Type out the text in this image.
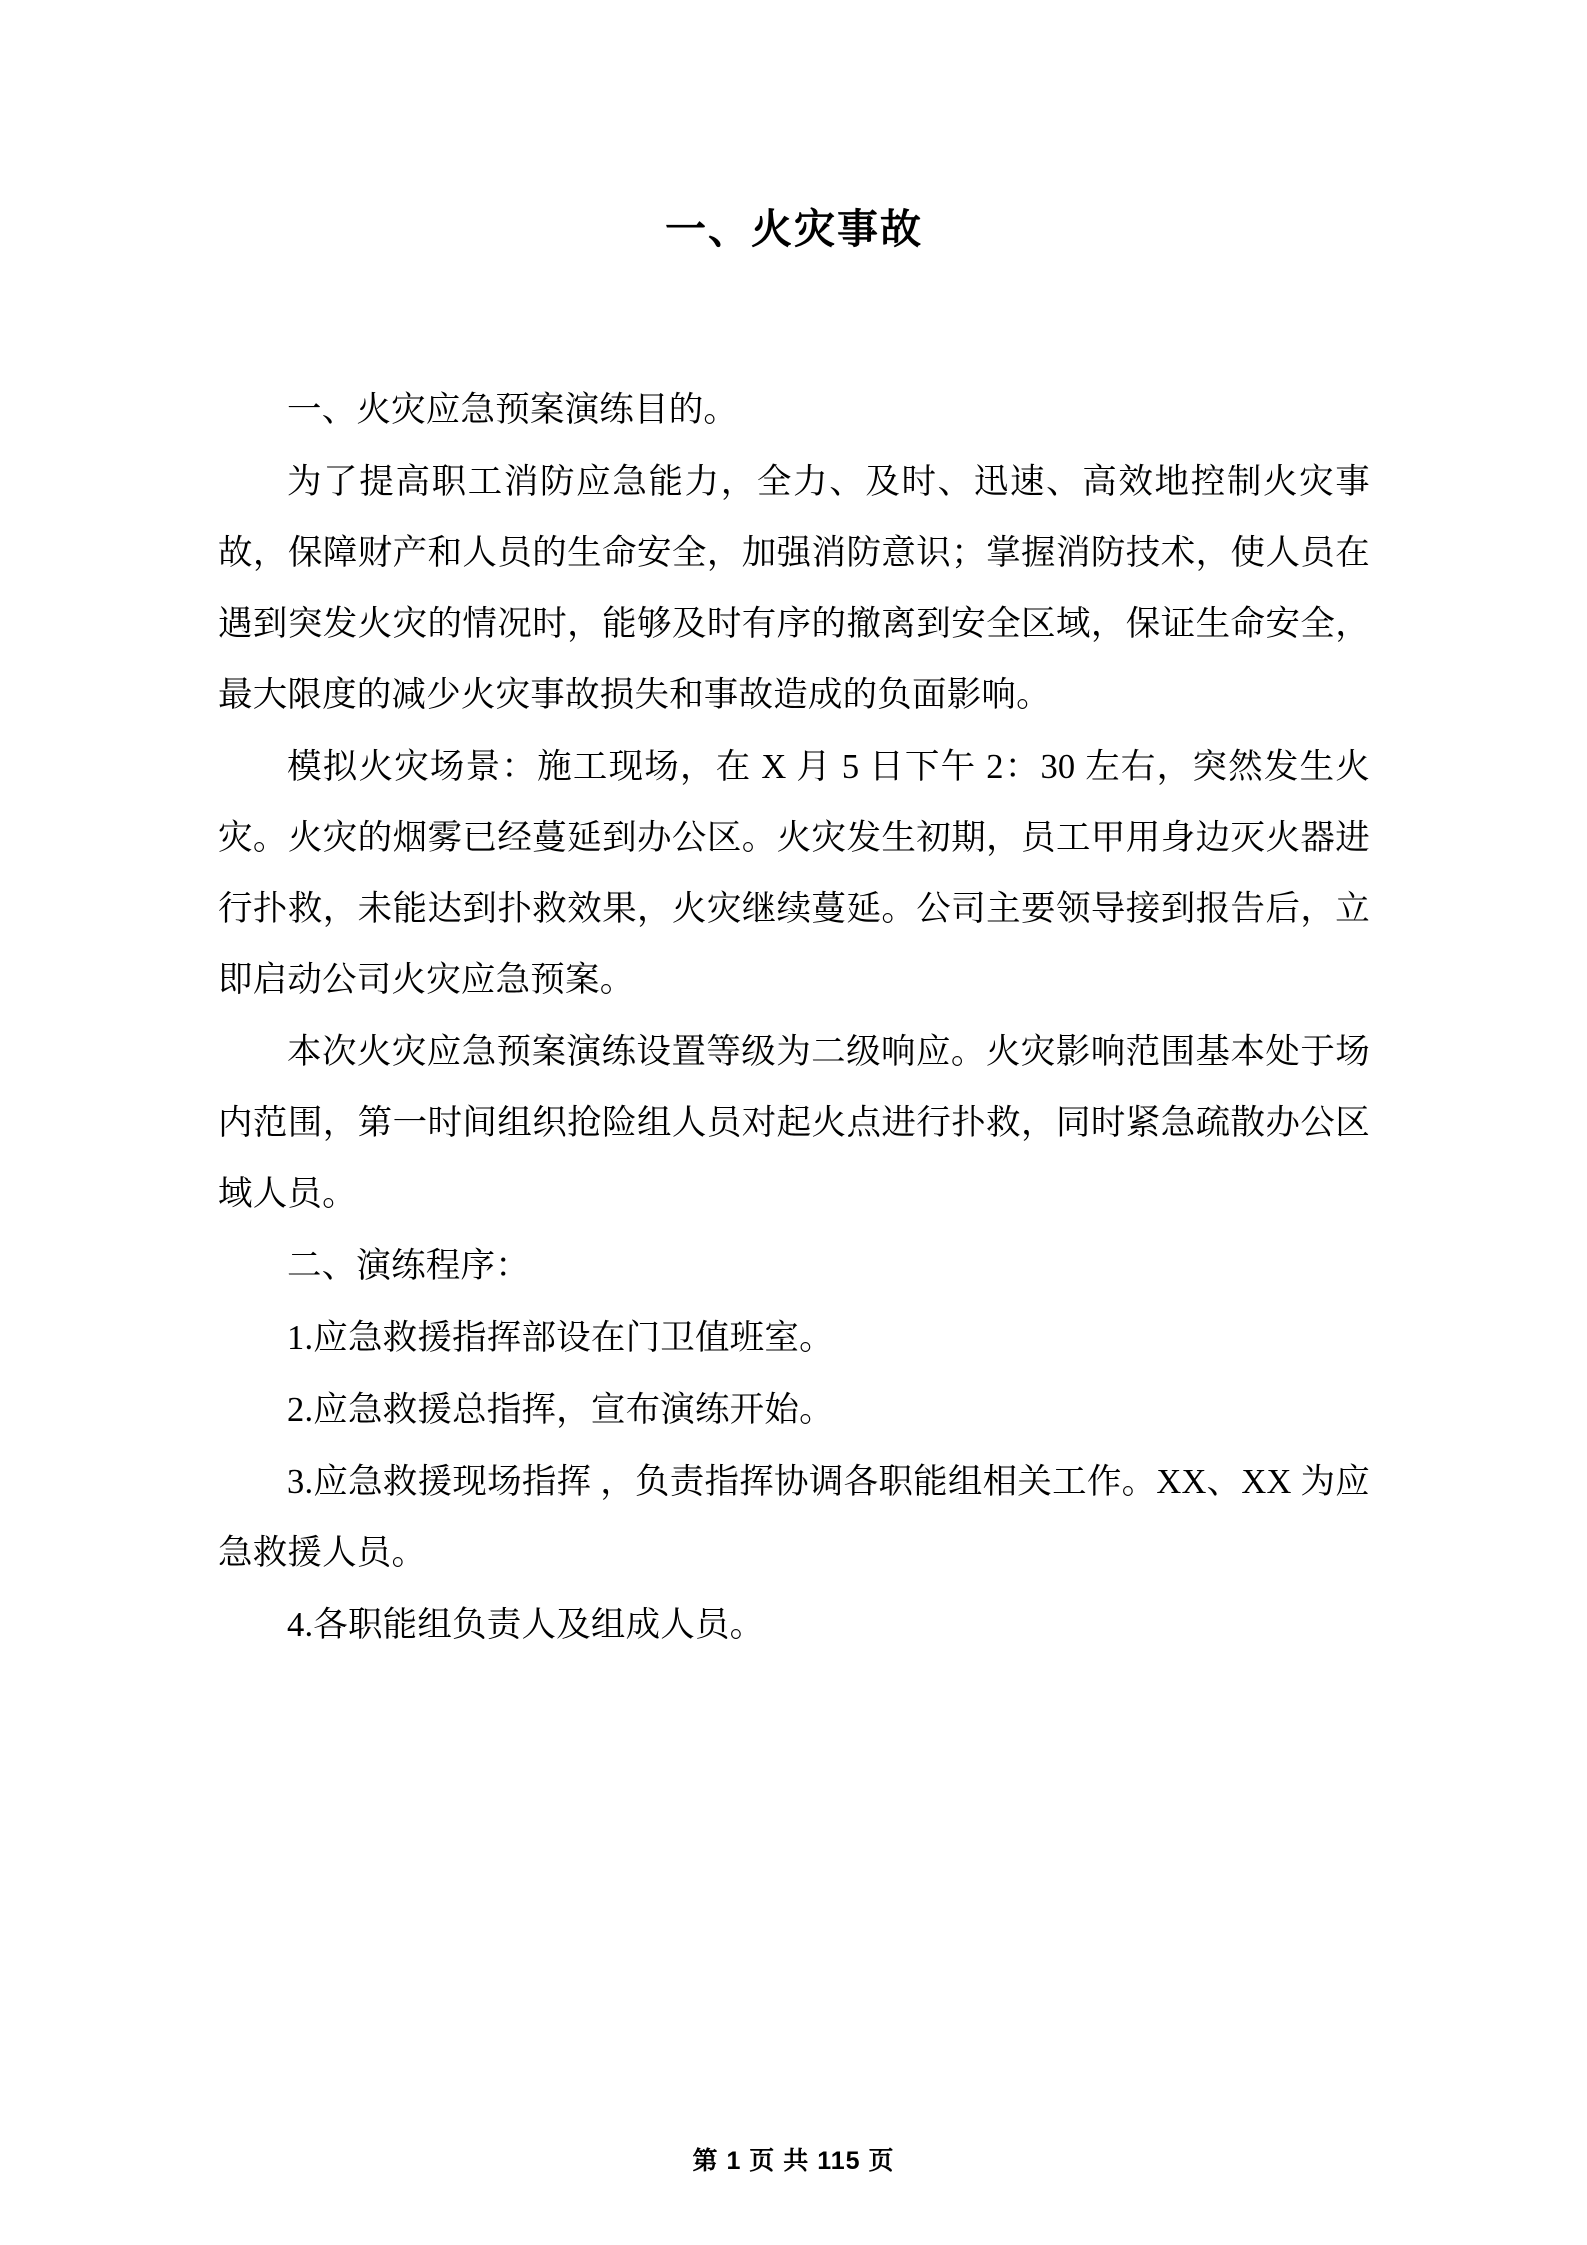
一、火灾事故

一、火灾应急预案演练目的。

为了提高职工消防应急能力，全力、及时、迅速、高效地控制火灾事故，保障财产和人员的生命安全，加强消防意识；掌握消防技术，使人员在遇到突发火灾的情况时，能够及时有序的撤离到安全区域，保证生命安全，最大限度的减少火灾事故损失和事故造成的负面影响。

模拟火灾场景：施工现场，在 X 月 5 日下午 2：30 左右，突然发生火灾。火灾的烟雾已经蔓延到办公区。火灾发生初期，员工甲用身边灭火器进行扑救，未能达到扑救效果，火灾继续蔓延。公司主要领导接到报告后，立即启动公司火灾应急预案。

本次火灾应急预案演练设置等级为二级响应。火灾影响范围基本处于场内范围，第一时间组织抢险组人员对起火点进行扑救，同时紧急疏散办公区域人员。

二、演练程序：

1.应急救援指挥部设在门卫值班室。

2.应急救援总指挥，宣布演练开始。

3.应急救援现场指挥 ，负责指挥协调各职能组相关工作。XX、XX 为应急救援人员。

4.各职能组负责人及组成人员。

第 1 页 共 115 页
